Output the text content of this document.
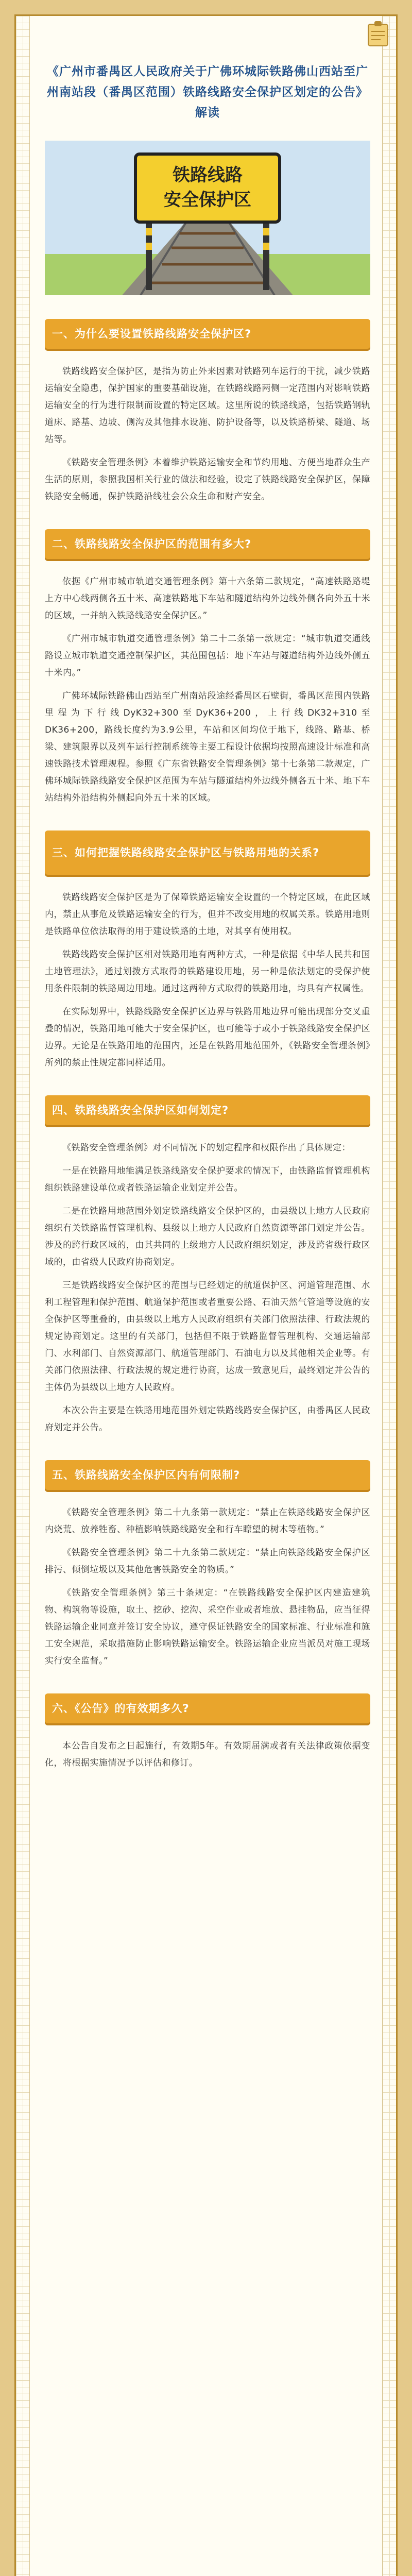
《广州市番禺区人民政府关于广佛环城际铁路佛山西站至广州南站段（番禺区范围）铁路线路安全保护区划定的公告》解读
铁路线路
安全保护区
一、为什么要设置铁路线路安全保护区?

铁路线路安全保护区，是指为防止外来因素对铁路列车运行的干扰，减少铁路运输安全隐患，保护国家的重要基础设施，在铁路线路两侧一定范围内对影响铁路运输安全的行为进行限制而设置的特定区域。这里所说的铁路线路，包括铁路钢轨道床、路基、边坡、侧沟及其他排水设施、防护设备等，以及铁路桥梁、隧道、场站等。

《铁路安全管理条例》本着维护铁路运输安全和节约用地、方便当地群众生产生活的原则，参照我国相关行业的做法和经验，设定了铁路线路安全保护区，保障铁路安全畅通，保护铁路沿线社会公众生命和财产安全。

二、铁路线路安全保护区的范围有多大?

依据《广州市城市轨道交通管理条例》第十六条第二款规定，“高速铁路路堤上方中心线两侧各五十米、高速铁路地下车站和隧道结构外边线外侧各向外五十米的区域，一并纳入铁路线路安全保护区。”

《广州市城市轨道交通管理条例》第二十二条第一款规定：“城市轨道交通线路设立城市轨道交通控制保护区，其范围包括：地下车站与隧道结构外边线外侧五十米内。”

广佛环城际铁路佛山西站至广州南站段途经番禺区石壁街，番禺区范围内铁路里程为下行线DyK32+300至DyK36+200，上行线DK32+310至DK36+200，路线长度约为3.9公里，车站和区间均位于地下，线路、路基、桥梁、建筑限界以及列车运行控制系统等主要工程设计依据均按照高速设计标准和高速铁路技术管理规程。参照《广东省铁路安全管理条例》第十七条第二款规定，广佛环城际铁路线路安全保护区范围为车站与隧道结构外边线外侧各五十米、地下车站结构外沿结构外侧起向外五十米的区域。

三、如何把握铁路线路安全保护区与铁路用地的关系?

铁路线路安全保护区是为了保障铁路运输安全设置的一个特定区域，在此区域内，禁止从事危及铁路运输安全的行为，但并不改变用地的权属关系。铁路用地则是铁路单位依法取得的用于建设铁路的土地，对其享有使用权。

铁路线路安全保护区相对铁路用地有两种方式，一种是依据《中华人民共和国土地管理法》，通过划拨方式取得的铁路建设用地，另一种是依法划定的受保护使用条件限制的铁路周边用地。通过这两种方式取得的铁路用地，均具有产权属性。

在实际划界中，铁路线路安全保护区边界与铁路用地边界可能出现部分交叉重叠的情况，铁路用地可能大于安全保护区，也可能等于或小于铁路线路安全保护区边界。无论是在铁路用地的范围内，还是在铁路用地范围外，《铁路安全管理条例》所列的禁止性规定都同样适用。

四、铁路线路安全保护区如何划定?

《铁路安全管理条例》对不同情况下的划定程序和权限作出了具体规定：

一是在铁路用地能满足铁路线路安全保护要求的情况下，由铁路监督管理机构组织铁路建设单位或者铁路运输企业划定并公告。

二是在铁路用地范围外划定铁路线路安全保护区的，由县级以上地方人民政府组织有关铁路监督管理机构、县级以上地方人民政府自然资源等部门划定并公告。涉及的跨行政区域的，由其共同的上级地方人民政府组织划定，涉及跨省级行政区域的，由省级人民政府协商划定。

三是铁路线路安全保护区的范围与已经划定的航道保护区、河道管理范围、水利工程管理和保护范围、航道保护范围或者重要公路、石油天然气管道等设施的安全保护区等重叠的，由县级以上地方人民政府组织有关部门依照法律、行政法规的规定协商划定。这里的有关部门，包括但不限于铁路监督管理机构、交通运输部门、水利部门、自然资源部门、航道管理部门、石油电力以及其他相关企业等。有关部门依照法律、行政法规的规定进行协商，达成一致意见后，最终划定并公告的主体仍为县级以上地方人民政府。

本次公告主要是在铁路用地范围外划定铁路线路安全保护区，由番禺区人民政府划定并公告。

五、铁路线路安全保护区内有何限制?

《铁路安全管理条例》第二十九条第一款规定：“禁止在铁路线路安全保护区内烧荒、放养牲畜、种植影响铁路线路安全和行车瞭望的树木等植物。”

《铁路安全管理条例》第二十九条第二款规定：“禁止向铁路线路安全保护区排污、倾倒垃圾以及其他危害铁路安全的物质。”

《铁路安全管理条例》第三十条规定：“在铁路线路安全保护区内建造建筑物、构筑物等设施，取土、挖砂、挖沟、采空作业或者堆放、悬挂物品，应当征得铁路运输企业同意并签订安全协议，遵守保证铁路安全的国家标准、行业标准和施工安全规范，采取措施防止影响铁路运输安全。铁路运输企业应当派员对施工现场实行安全监督。”

六、《公告》的有效期多久?

本公告自发布之日起施行，有效期5年。有效期届满或者有关法律政策依据变化，将根据实施情况予以评估和修订。
